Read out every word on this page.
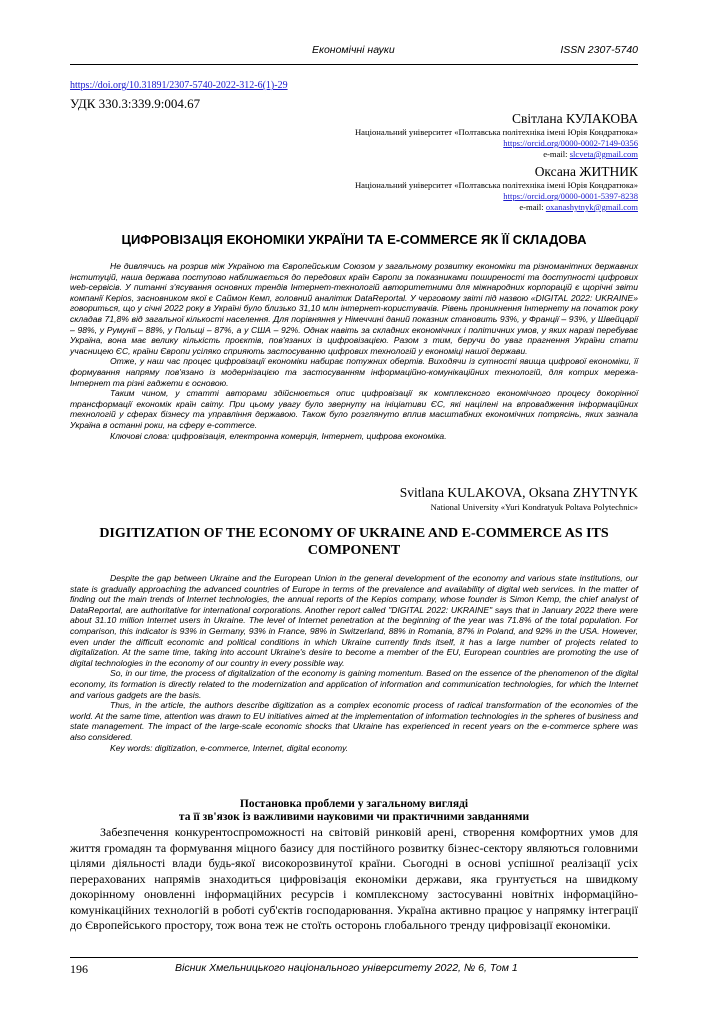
Економічні науки	ISSN 2307-5740
https://doi.org/10.31891/2307-5740-2022-312-6(1)-29
УДК 330.3:339.9:004.67
Світлана КУЛАКОВА
Національний університет «Полтавська політехніка імені Юрія Кондратюка»
https://orcid.org/0000-0002-7149-0356
e-mail: slcveta@gmail.com
Оксана ЖИТНИК
Національний університет «Полтавська політехніка імені Юрія Кондратюка»
https://orcid.org/0000-0001-5397-8238
e-mail: oxanashytnyk@gmail.com
ЦИФРОВІЗАЦІЯ ЕКОНОМІКИ УКРАЇНИ ТА E-COMMERCE ЯК ЇЇ СКЛАДОВА

Не дивлячись на розрив між Україною та Європейським Союзом у загальному розвитку економіки та різноманітних державних інституцій, наша держава поступово наближається до передових країн Європи за показниками поширеності та доступності цифрових web-сервісів. У питанні з'ясування основних трендів Інтернет-технологій авторитетними для міжнародних корпорацій є щорічні звіти компанії Kepios, засновником якої є Саймон Кемп, головний аналітик DataReportal. У черговому звіті під назвою «DIGITAL 2022: UKRAINE» говориться, що у січні 2022 року в Україні було близько 31,10 млн інтернет-користувачів. Рівень проникнення Інтернету на початок року складав 71,8% від загальної кількості населення. Для порівняння у Німеччині даний показник становить 93%, у Франції – 93%, у Швейцарії – 98%, у Румунії – 88%, у Польщі – 87%, а у США – 92%. Однак навіть за складних економічних і політичних умов, у яких наразі перебуває Україна, вона має велику кількість проєктів, пов'язаних із цифровізацією. Разом з тим, беручи до уваг прагнення України стати учасницею ЄС, країни Європи усіляко сприяють застосуванню цифрових технологій у економіці нашої держави.

Отже, у наш час процес цифровізації економіки набирає потужних обертів. Виходячи із сутності явища цифрової економіки, її формування напряму пов'язано із модернізацією та застосуванням інформаційно-комунікаційних технологій, для котрих мережа-Інтернет та різні гаджети є основою.

Таким чином, у статті авторами здійснюється опис цифровізації як комплексного економічного процесу докорінної трансформації економік країн світу. При цьому увагу було звернуту на ініціативи ЄС, які націлені на впровадження інформаційних технологій у сферах бізнесу та управління державою. Також було розглянуто вплив масштабних економічних потрясінь, яких зазнала Україна в останні роки, на сферу e-commerce.

Ключові слова: цифровізація, електронна комерція, Інтернет, цифрова економіка.

Svitlana KULAKOVA, Oksana ZHYTNYK
National University «Yuri Kondratyuk Poltava Polytechnic»
DIGITIZATION OF THE ECONOMY OF UKRAINE AND E-COMMERCE AS ITS
COMPONENT

Despite the gap between Ukraine and the European Union in the general development of the economy and various state institutions, our state is gradually approaching the advanced countries of Europe in terms of the prevalence and availability of digital web services. In the matter of finding out the main trends of Internet technologies, the annual reports of the Kepios company, whose founder is Simon Kemp, the chief analyst of DataReportal, are authoritative for international corporations. Another report called "DIGITAL 2022: UKRAINE" says that in January 2022 there were about 31.10 million Internet users in Ukraine. The level of Internet penetration at the beginning of the year was 71.8% of the total population. For comparison, this indicator is 93% in Germany, 93% in France, 98% in Switzerland, 88% in Romania, 87% in Poland, and 92% in the USA. However, even under the difficult economic and political conditions in which Ukraine currently finds itself, it has a large number of projects related to digitalization. At the same time, taking into account Ukraine's desire to become a member of the EU, European countries are promoting the use of digital technologies in the economy of our country in every possible way.

So, in our time, the process of digitalization of the economy is gaining momentum. Based on the essence of the phenomenon of the digital economy, its formation is directly related to the modernization and application of information and communication technologies, for which the Internet and various gadgets are the basis.

Thus, in the article, the authors describe digitization as a complex economic process of radical transformation of the economies of the world. At the same time, attention was drawn to EU initiatives aimed at the implementation of information technologies in the spheres of business and state management. The impact of the large-scale economic shocks that Ukraine has experienced in recent years on the e-commerce sphere was also considered.

Key words: digitization, e-commerce, Internet, digital economy.

Постановка проблеми у загальному вигляді
та її зв'язок із важливими науковими чи практичними завданнями

Забезпечення конкурентоспроможності на світовій ринковій арені, створення комфортних умов для життя громадян та формування міцного базису для постійного розвитку бізнес-сектору являються головними цілями діяльності влади будь-якої високорозвинутої країни. Сьогодні в основі успішної реалізації усіх перерахованих напрямів знаходиться цифровізація економіки держави, яка грунтується на швидкому докорінному оновленні інформаційних ресурсів і комплексному застосуванні новітніх інформаційно-комунікаційних технологій в роботі суб'єктів господарювання. Україна активно працює у напрямку інтеграції до Європейського простору, тож вона теж не стоїть осторонь глобального тренду цифровізації економіки.

196	Вісник Хмельницького національного університету 2022, № 6, Том 1
